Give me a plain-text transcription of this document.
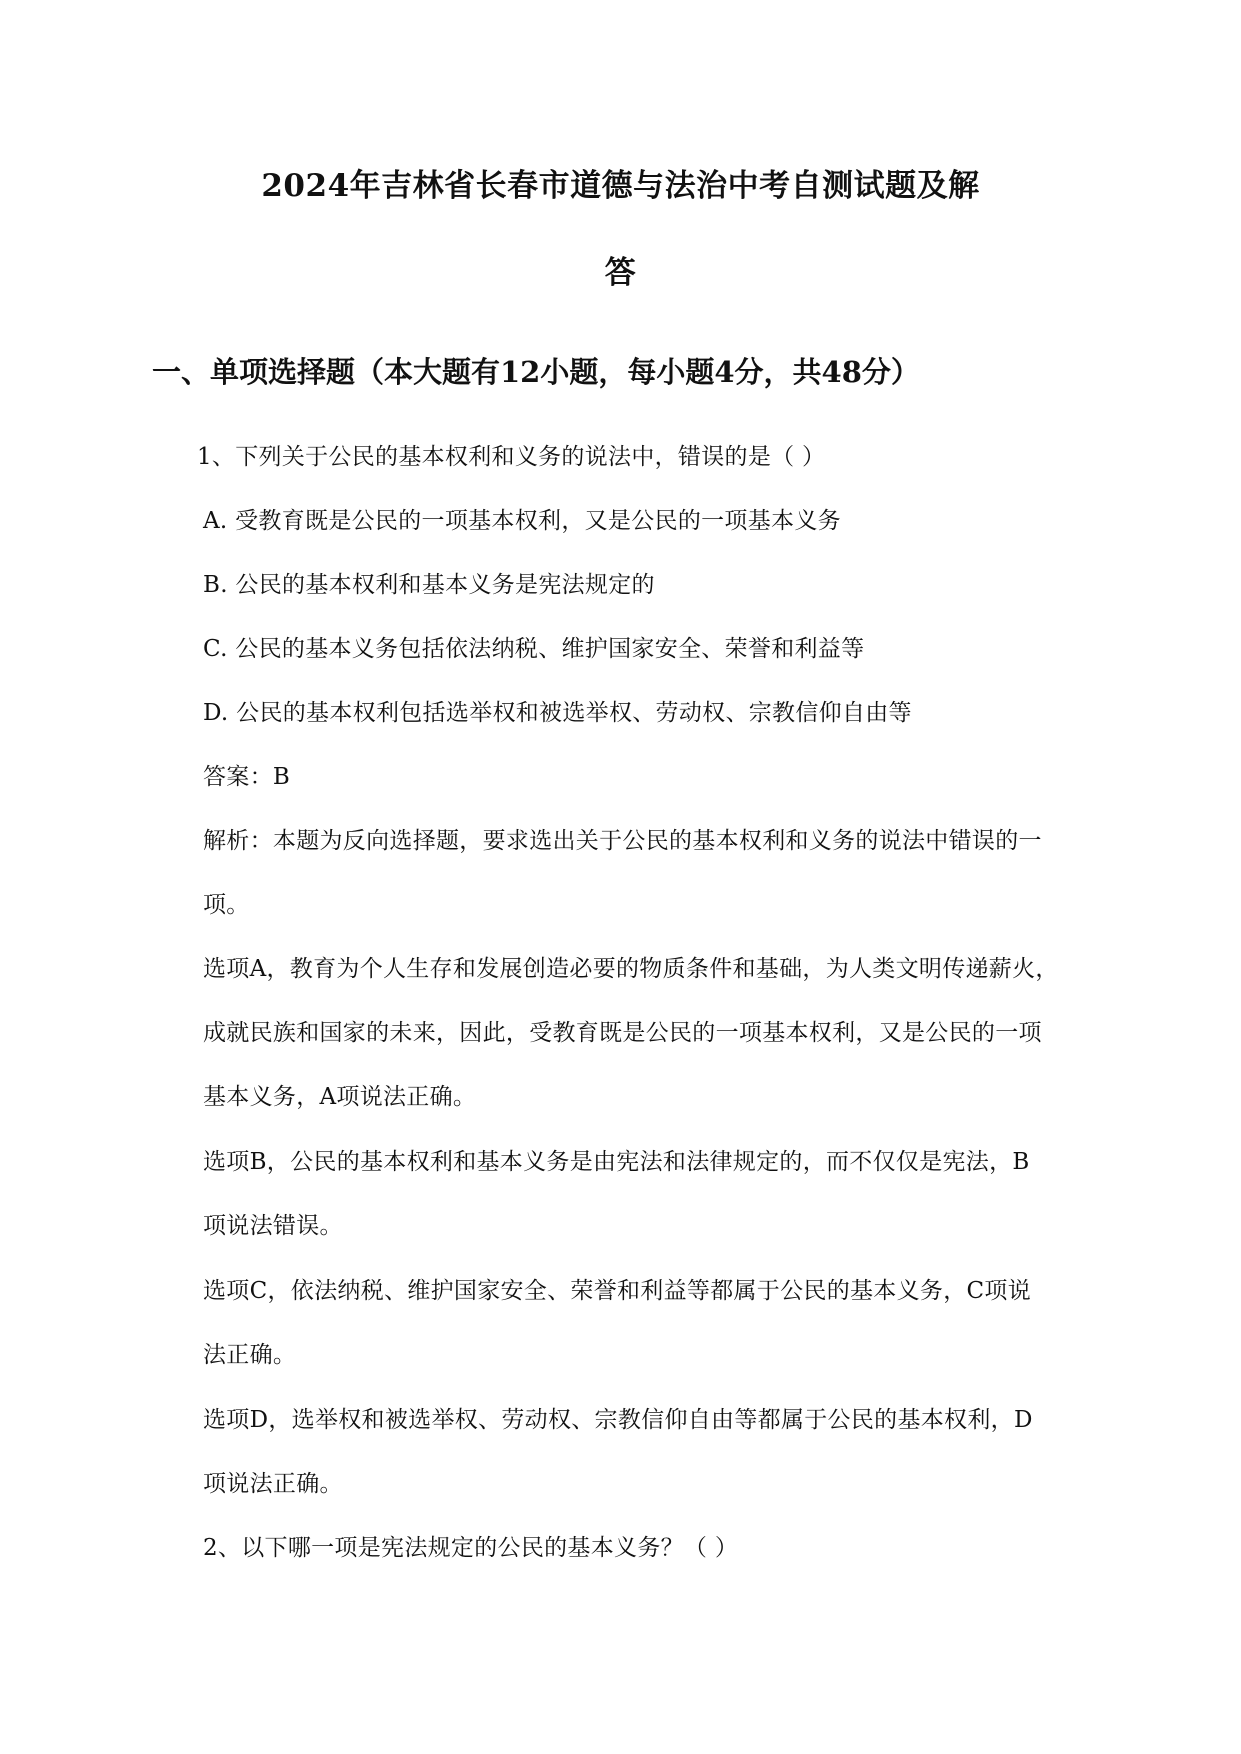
2024年吉林省长春市道德与法治中考自测试题及解
答
一、单项选择题（本大题有12小题，每小题4分，共48分）
1、下列关于公民的基本权利和义务的说法中，错误的是（ ）
A. 受教育既是公民的一项基本权利，又是公民的一项基本义务
B. 公民的基本权利和基本义务是宪法规定的
C. 公民的基本义务包括依法纳税、维护国家安全、荣誉和利益等
D. 公民的基本权利包括选举权和被选举权、劳动权、宗教信仰自由等
答案：B
解析：本题为反向选择题，要求选出关于公民的基本权利和义务的说法中错误的一
项。
选项A，教育为个人生存和发展创造必要的物质条件和基础，为人类文明传递薪火，
成就民族和国家的未来，因此，受教育既是公民的一项基本权利，又是公民的一项
基本义务，A项说法正确。
选项B，公民的基本权利和基本义务是由宪法和法律规定的，而不仅仅是宪法，B
项说法错误。
选项C，依法纳税、维护国家安全、荣誉和利益等都属于公民的基本义务，C项说
法正确。
选项D，选举权和被选举权、劳动权、宗教信仰自由等都属于公民的基本权利，D
项说法正确。
2、以下哪一项是宪法规定的公民的基本义务？（ ）
